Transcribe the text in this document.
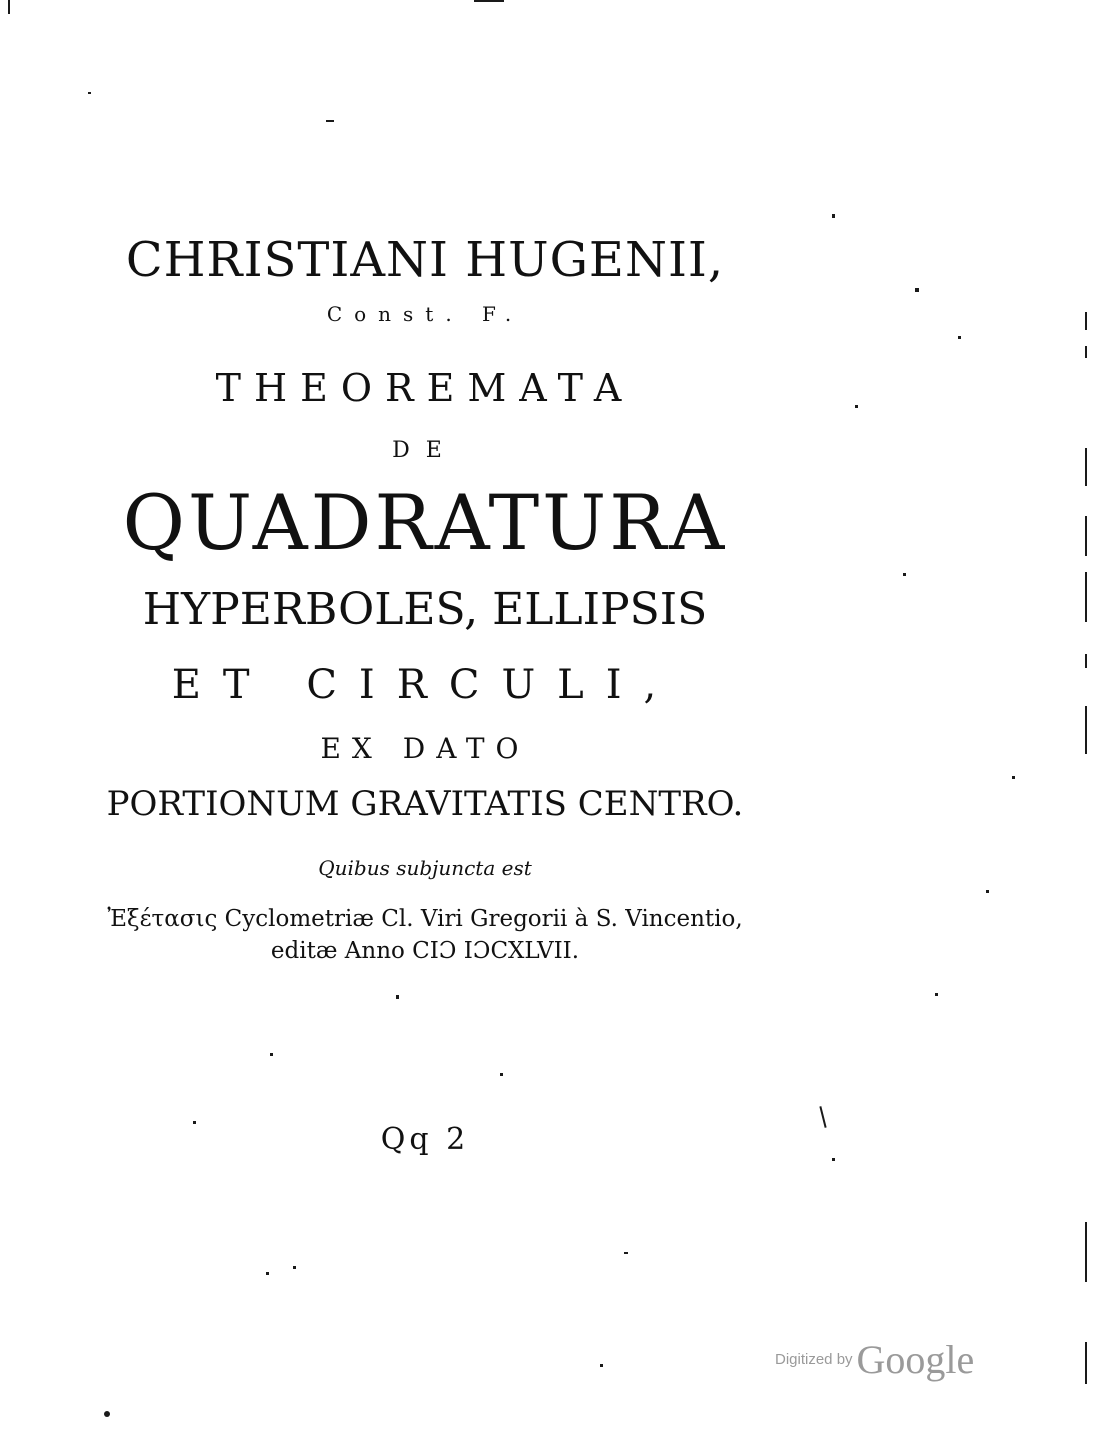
CHRISTIANI HUGENII,
Const. F.
THEOREMATA
DE
QUADRATURA
HYPERBOLES, ELLIPSIS
ET CIRCULI,
EX DATO
PORTIONUM GRAVITATIS CENTRO.
Quibus subjuncta est
Ἐξέτασις Cyclometriæ Cl. Viri Gregorii à S. Vincentio,
editæ Anno CIƆ IƆCXLVII.
Qq 2
Digitized by Google
